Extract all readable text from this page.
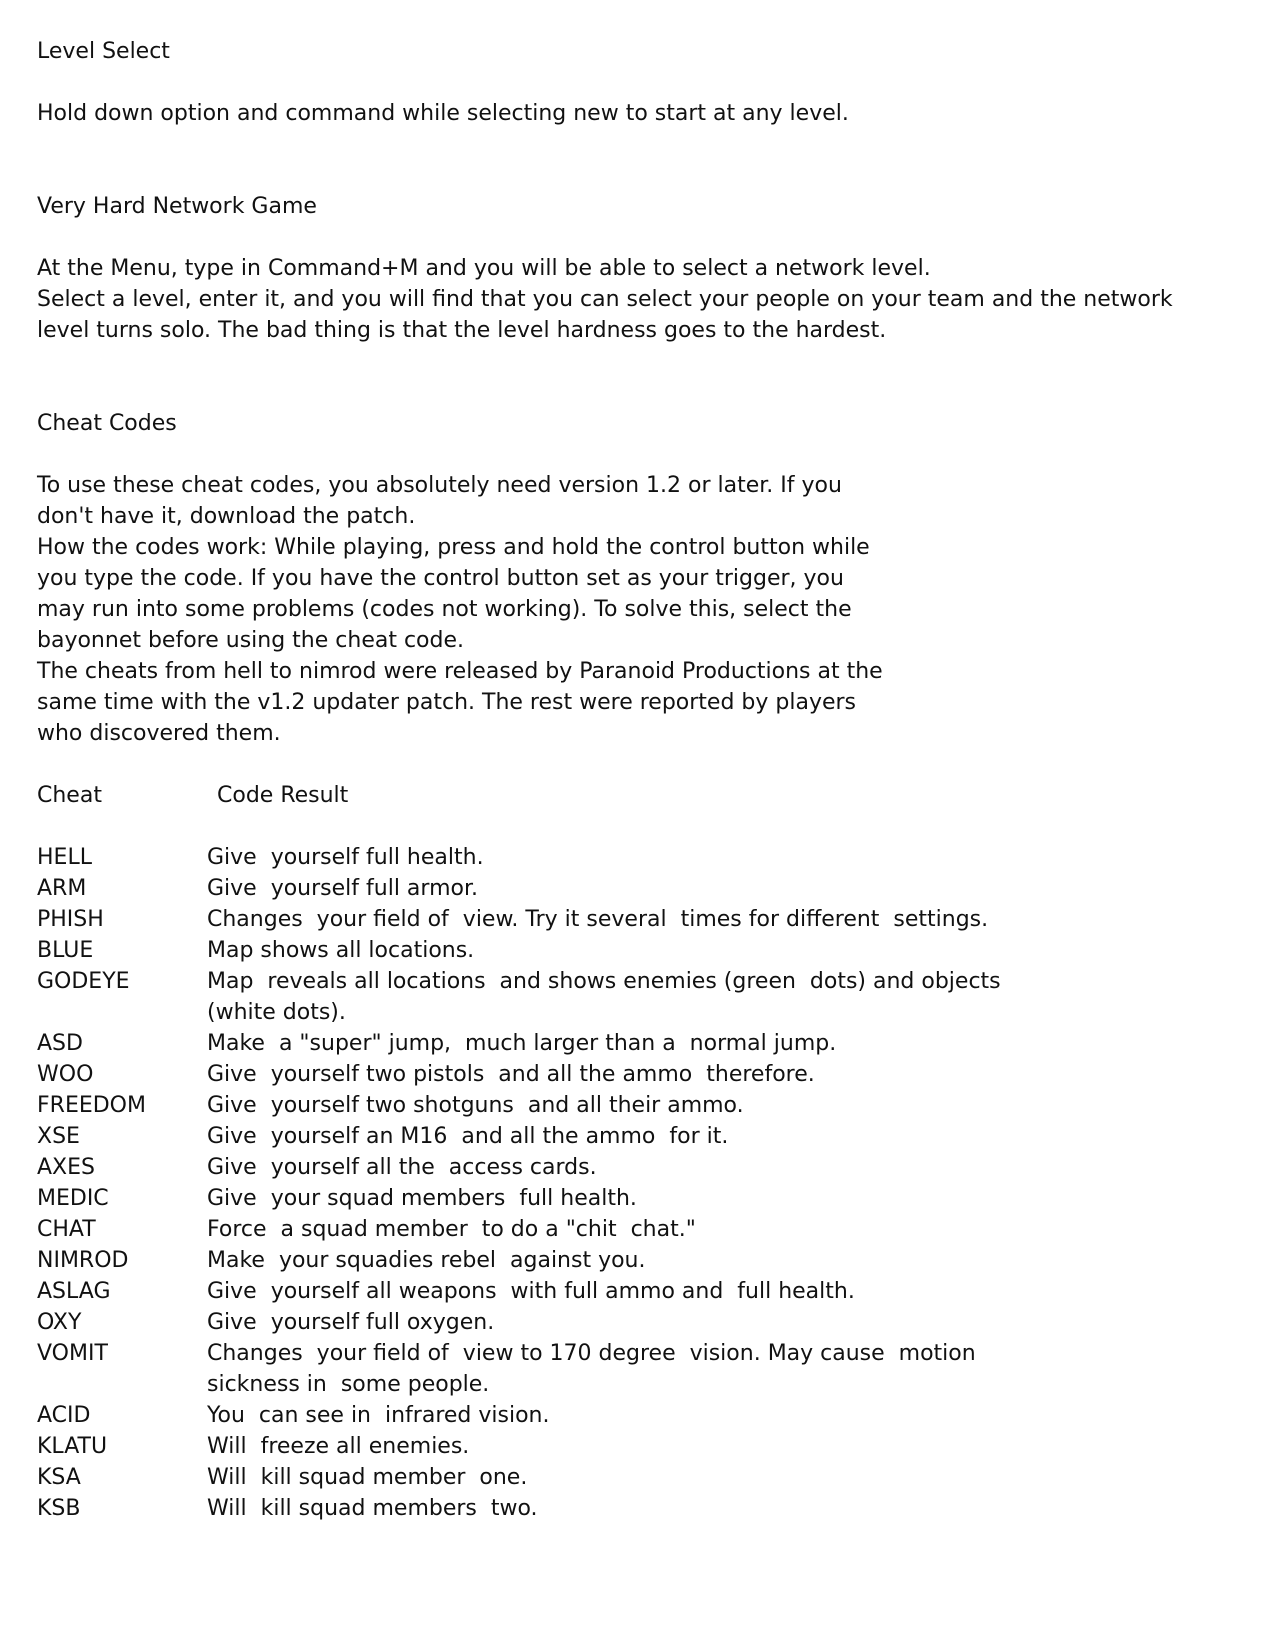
Level Select
Hold down option and command while selecting new to start at any level.
Very Hard Network Game
At the Menu, type in Command+M and you will be able to select a network level.
Select a level, enter it, and you will find that you can select your people on your team and the network
level turns solo. The bad thing is that the level hardness goes to the hardest.
Cheat Codes
To use these cheat codes, you absolutely need version 1.2 or later. If you
don't have it, download the patch.
How the codes work: While playing, press and hold the control button while
you type the code. If you have the control button set as your trigger, you
may run into some problems (codes not working). To solve this, select the
bayonnet before using the cheat code.
The cheats from hell to nimrod were released by Paranoid Productions at the
same time with the v1.2 updater patch. The rest were reported by players
who discovered them.
Cheat	Code Result
HELL	Give  yourself full health.
ARM	Give  yourself full armor.
PHISH	Changes  your field of  view. Try it several  times for different  settings.
BLUE	Map shows all locations.
GODEYE	Map  reveals all locations  and shows enemies (green  dots) and objects (white dots).
ASD	Make  a "super" jump,  much larger than a  normal jump.
WOO	Give  yourself two pistols  and all the ammo  therefore.
FREEDOM	Give  yourself two shotguns  and all their ammo.
XSE	Give  yourself an M16  and all the ammo  for it.
AXES	Give  yourself all the  access cards.
MEDIC	Give  your squad members  full health.
CHAT	Force  a squad member  to do a "chit  chat."
NIMROD	Make  your squadies rebel  against you.
ASLAG	Give  yourself all weapons  with full ammo and  full health.
OXY	Give  yourself full oxygen.
VOMIT	Changes  your field of  view to 170 degree  vision. May cause  motion sickness in  some people.
ACID	You  can see in  infrared vision.
KLATU	Will  freeze all enemies.
KSA	Will  kill squad member  one.
KSB	Will  kill squad members  two.
